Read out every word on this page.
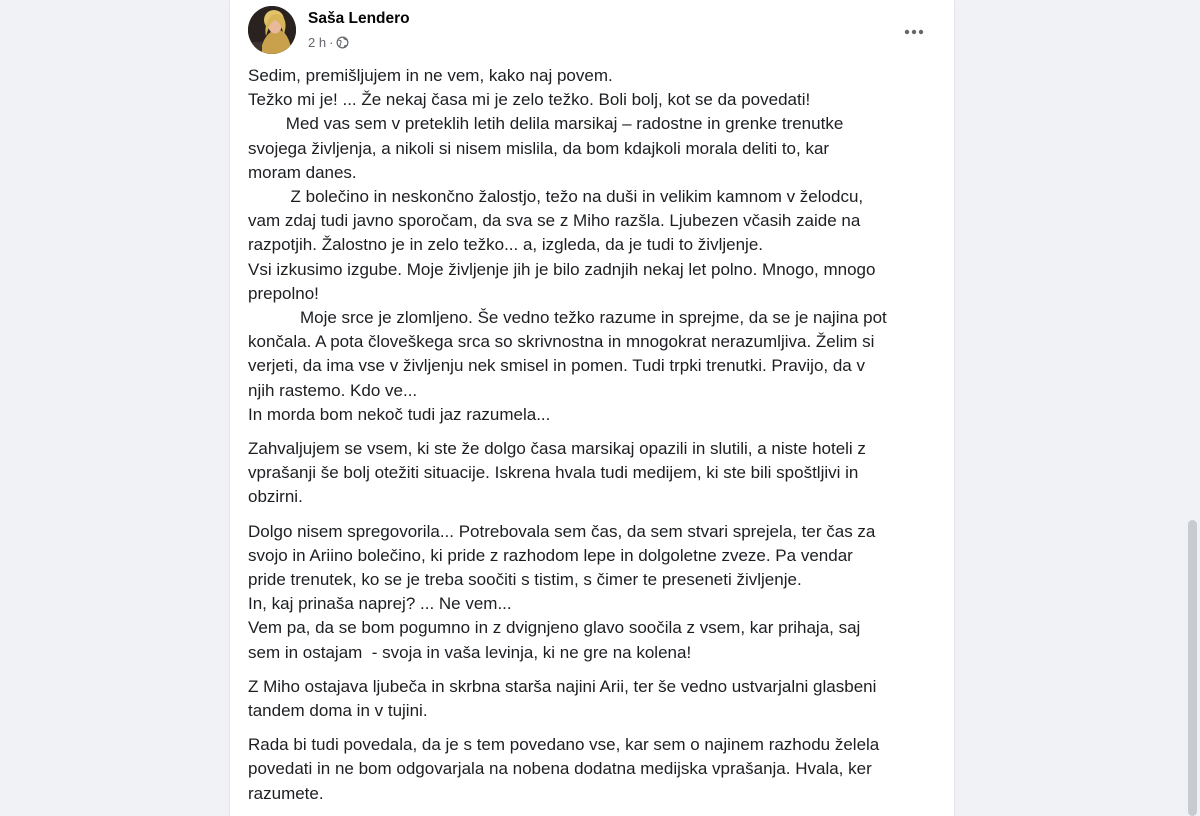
Saša Lendero
2 h ·
Sedim, premišljujem in ne vem, kako naj povem.
Težko mi je! ... Že nekaj časa mi je zelo težko. Boli bolj, kot se da povedati!
Med vas sem v preteklih letih delila marsikaj – radostne in grenke trenutke
svojega življenja, a nikoli si nisem mislila, da bom kdajkoli morala deliti to, kar
moram danes.
Z bolečino in neskončno žalostjo, težo na duši in velikim kamnom v želodcu,
vam zdaj tudi javno sporočam, da sva se z Miho razšla. Ljubezen včasih zaide na
razpotjih. Žalostno je in zelo težko... a, izgleda, da je tudi to življenje.
Vsi izkusimo izgube. Moje življenje jih je bilo zadnjih nekaj let polno. Mnogo, mnogo
prepolno!
Moje srce je zlomljeno. Še vedno težko razume in sprejme, da se je najina pot
končala. A pota človeškega srca so skrivnostna in mnogokrat nerazumljiva. Želim si
verjeti, da ima vse v življenju nek smisel in pomen. Tudi trpki trenutki. Pravijo, da v
njih rastemo. Kdo ve...
In morda bom nekoč tudi jaz razumela...
Zahvaljujem se vsem, ki ste že dolgo časa marsikaj opazili in slutili, a niste hoteli z
vprašanji še bolj otežiti situacije. Iskrena hvala tudi medijem, ki ste bili spoštljivi in
obzirni.
Dolgo nisem spregovorila... Potrebovala sem čas, da sem stvari sprejela, ter čas za
svojo in Ariino bolečino, ki pride z razhodom lepe in dolgoletne zveze. Pa vendar
pride trenutek, ko se je treba soočiti s tistim, s čimer te preseneti življenje.
In, kaj prinaša naprej? ... Ne vem...
Vem pa, da se bom pogumno in z dvignjeno glavo soočila z vsem, kar prihaja, saj
sem in ostajam  - svoja in vaša levinja, ki ne gre na kolena!
Z Miho ostajava ljubeča in skrbna starša najini Arii, ter še vedno ustvarjalni glasbeni
tandem doma in v tujini.
Rada bi tudi povedala, da je s tem povedano vse, kar sem o najinem razhodu želela
povedati in ne bom odgovarjala na nobena dodatna medijska vprašanja. Hvala, ker
razumete.
